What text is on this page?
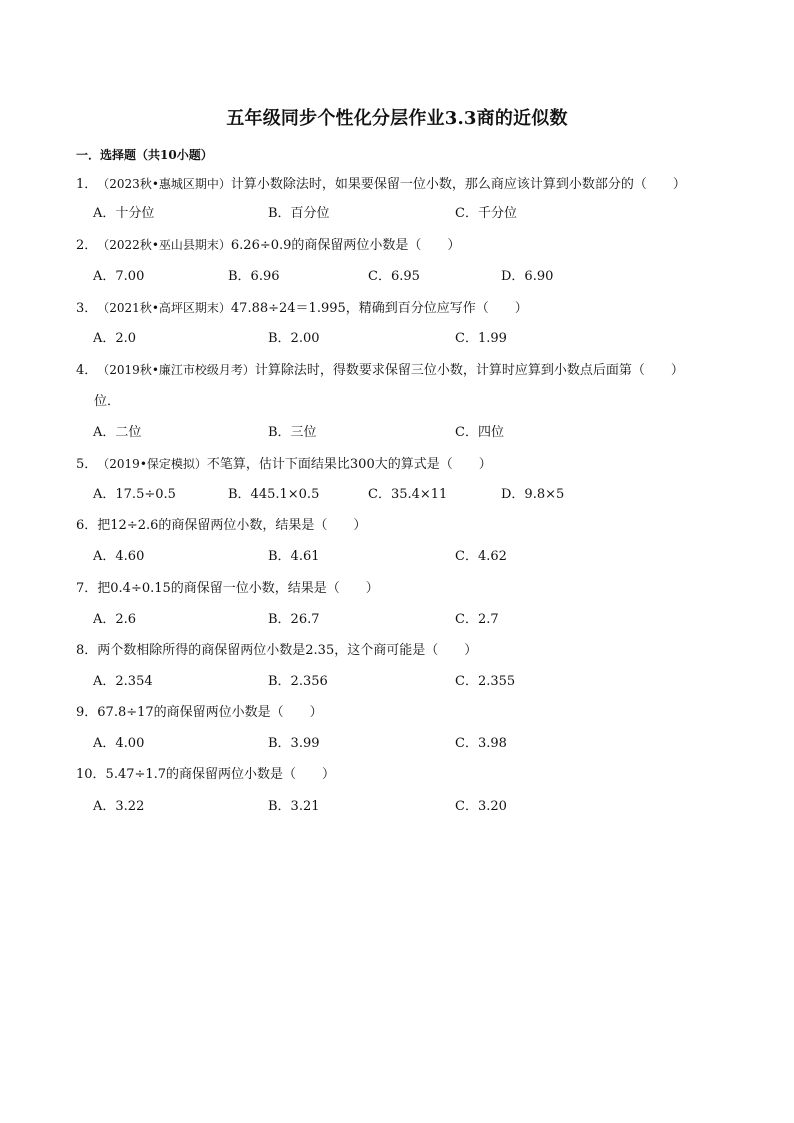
五年级同步个性化分层作业3.3商的近似数
一．选择题（共10小题）
1．（2023秋•惠城区期中）计算小数除法时，如果要保留一位小数，那么商应该计算到小数部分的（　　）
A．十分位	B．百分位	C．千分位
2．（2022秋•巫山县期末）6.26÷0.9的商保留两位小数是（　　）
A．7.00	B．6.96	C．6.95	D．6.90
3．（2021秋•高坪区期末）47.88÷24＝1.995，精确到百分位应写作（　　）
A．2.0	B．2.00	C．1.99
4．（2019秋•廉江市校级月考）计算除法时，得数要求保留三位小数，计算时应算到小数点后面第（　　）
位．
A．二位	B．三位	C．四位
5．（2019•保定模拟）不笔算，估计下面结果比300大的算式是（　　）
A．17.5÷0.5	B．445.1×0.5	C．35.4×11	D．9.8×5
6．把12÷2.6的商保留两位小数，结果是（　　）
A．4.60	B．4.61	C．4.62
7．把0.4÷0.15的商保留一位小数，结果是（　　）
A．2.6	B．26.7	C．2.7
8．两个数相除所得的商保留两位小数是2.35，这个商可能是（　　）
A．2.354	B．2.356	C．2.355
9．67.8÷17的商保留两位小数是（　　）
A．4.00	B．3.99	C．3.98
10．5.47÷1.7的商保留两位小数是（　　）
A．3.22	B．3.21	C．3.20
